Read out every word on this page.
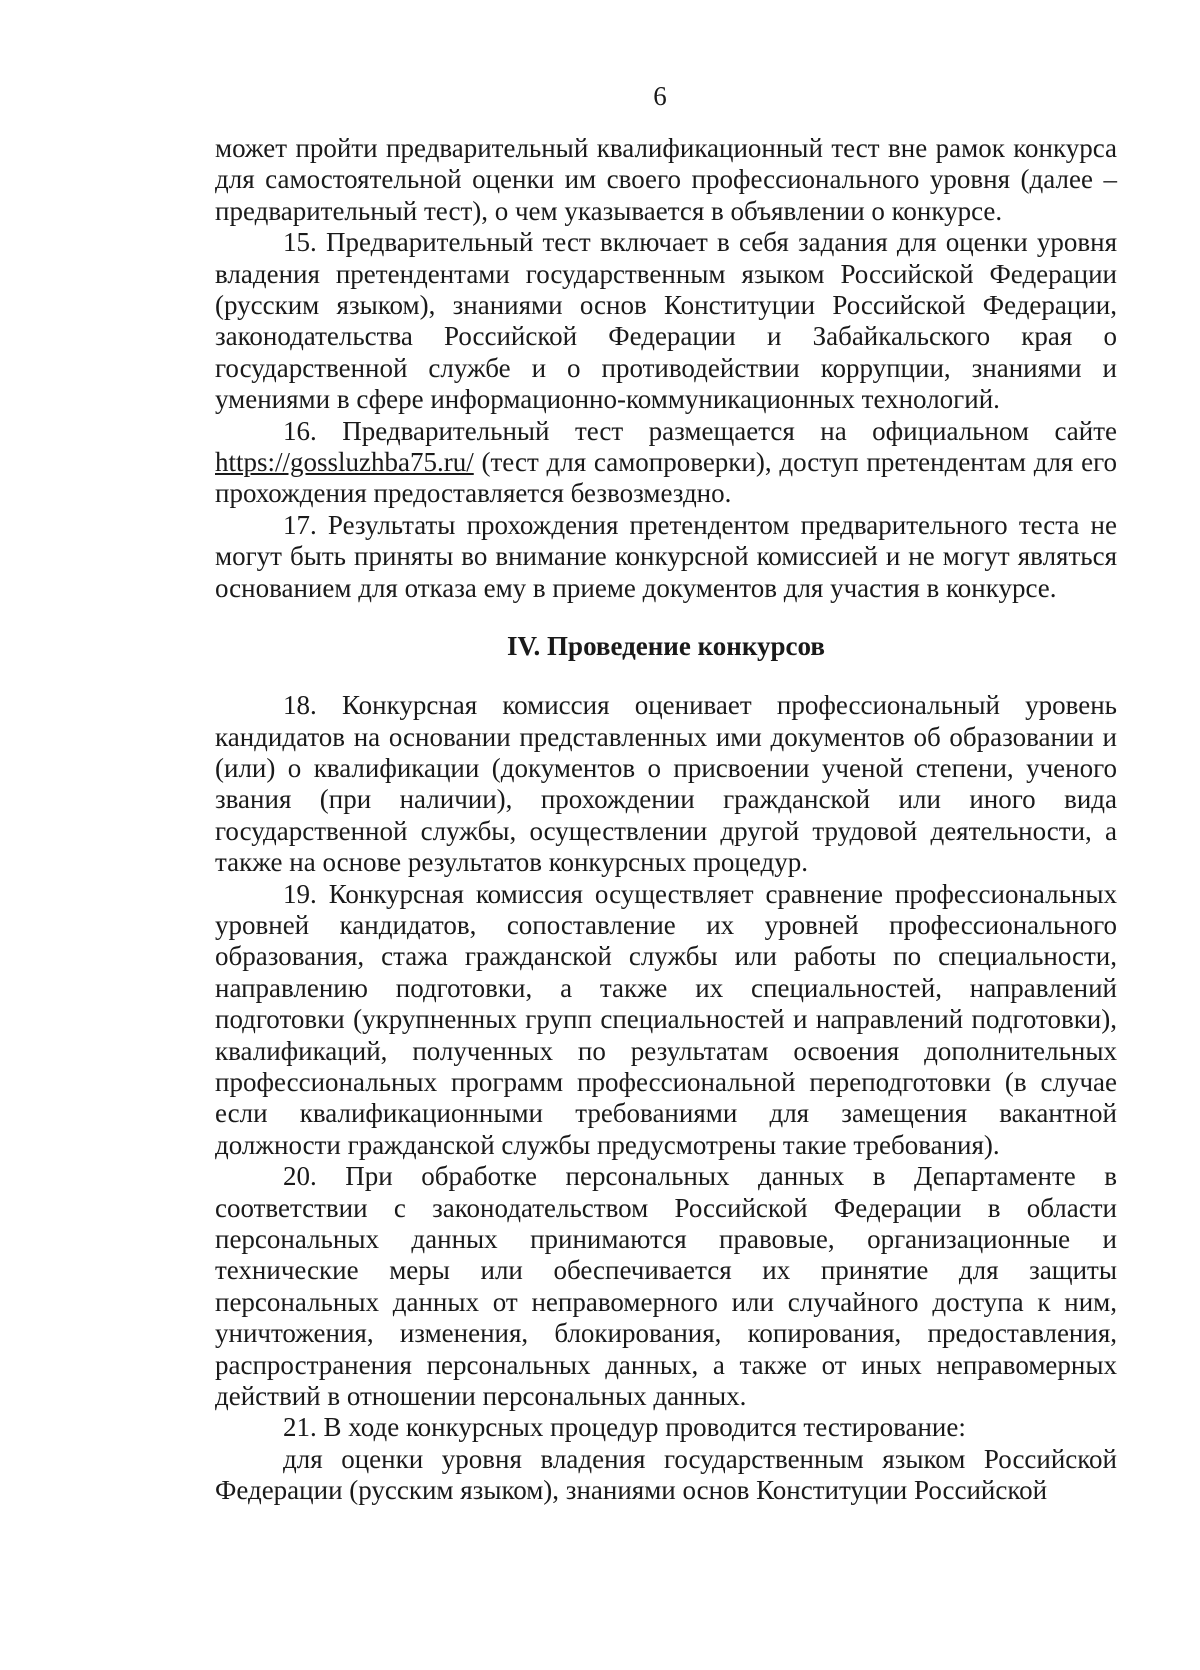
6

может пройти предварительный квалификационный тест вне рамок конкурса для самостоятельной оценки им своего профессионального уровня (далее – предварительный тест), о чем указывается в объявлении о конкурсе.

15. Предварительный тест включает в себя задания для оценки уровня владения претендентами государственным языком Российской Федерации (русским языком), знаниями основ Конституции Российской Федерации, законодательства Российской Федерации и Забайкальского края о государственной службе и о противодействии коррупции, знаниями и умениями в сфере информационно-коммуникационных технологий.

16. Предварительный тест размещается на официальном сайте https://gossluzhba75.ru/ (тест для самопроверки), доступ претендентам для его прохождения предоставляется безвозмездно.

17. Результаты прохождения претендентом предварительного теста не могут быть приняты во внимание конкурсной комиссией и не могут являться основанием для отказа ему в приеме документов для участия в конкурсе.

IV. Проведение конкурсов

18. Конкурсная комиссия оценивает профессиональный уровень кандидатов на основании представленных ими документов об образовании и (или) о квалификации (документов о присвоении ученой степени, ученого звания (при наличии), прохождении гражданской или иного вида государственной службы, осуществлении другой трудовой деятельности, а также на основе результатов конкурсных процедур.

19. Конкурсная комиссия осуществляет сравнение профессиональных уровней кандидатов, сопоставление их уровней профессионального образования, стажа гражданской службы или работы по специальности, направлению подготовки, а также их специальностей, направлений подготовки (укрупненных групп специальностей и направлений подготовки), квалификаций, полученных по результатам освоения дополнительных профессиональных программ профессиональной переподготовки (в случае если квалификационными требованиями для замещения вакантной должности гражданской службы предусмотрены такие требования).

20. При обработке персональных данных в Департаменте в соответствии с законодательством Российской Федерации в области персональных данных принимаются правовые, организационные и технические меры или обеспечивается их принятие для защиты персональных данных от неправомерного или случайного доступа к ним, уничтожения, изменения, блокирования, копирования, предоставления, распространения персональных данных, а также от иных неправомерных действий в отношении персональных данных.

21. В ходе конкурсных процедур проводится тестирование:

для оценки уровня владения государственным языком Российской Федерации (русским языком), знаниями основ Конституции Российской
